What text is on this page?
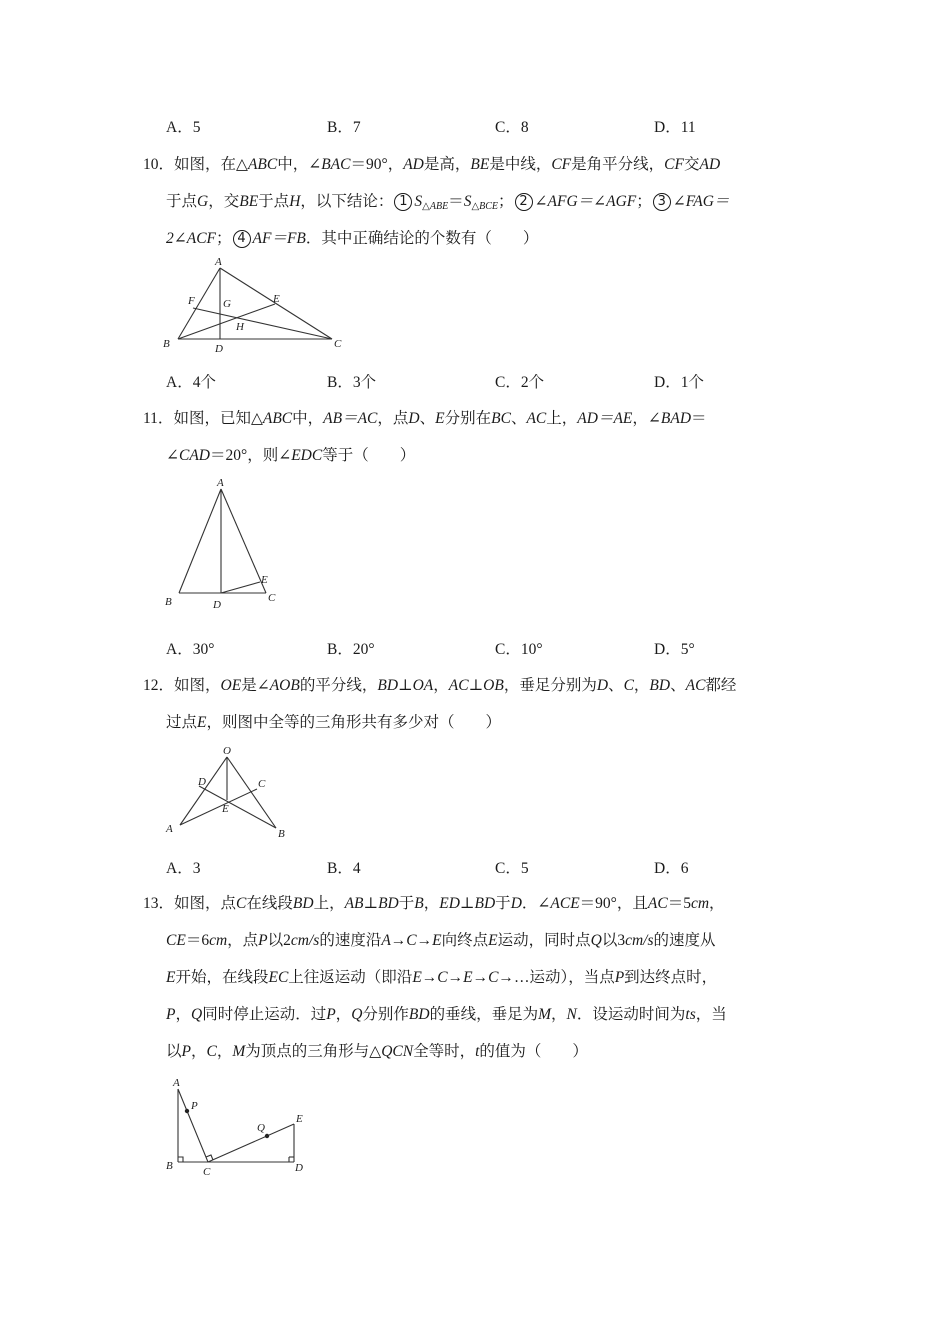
A．5	B．7	C．8	D．11
10．如图，在△ABC中，∠BAC＝90°，AD是高，BE是中线，CF是角平分线，CF交AD
于点G，交BE于点H，以下结论： 1 $S_{\triangle ABE}=S_{\triangle BCE}$； 2 ∠AFG＝∠AGF； 3 ∠FAG＝
2∠ACF； 4 AF＝FB．其中正确结论的个数有（　　）
A
B	C
D
E
F	G
H
A．4个	B．3个	C．2个	D．1个
11．如图，已知△ABC中，AB＝AC，点D、E分别在BC、AC上，AD＝AE，∠BAD＝
∠CAD＝20°，则∠EDC等于（　　）
A
B	C
D
E
A．30°	B．20°	C．10°	D．5°
12．如图，OE是∠AOB的平分线，BD⊥OA，AC⊥OB，垂足分别为D、C，BD、AC都经
过点E，则图中全等的三角形共有多少对（　　）
O
D	C
E
A	B
A．3	B．4	C．5	D．6
13．如图，点C在线段BD上，AB⊥BD于B，ED⊥BD于D．∠ACE＝90°，且AC＝5cm，
CE＝6cm，点P以2cm/s的速度沿A→C→E向终点E运动，同时点Q以3cm/s的速度从
E开始，在线段EC上往返运动（即沿E→C→E→C→…运动），当点P到达终点时，
P，Q同时停止运动．过P，Q分别作BD的垂线，垂足为M，N．设运动时间为ts，当
以P，C，M为顶点的三角形与△QCN全等时，t的值为（　　）
A
P
Q
E
B	C	D
